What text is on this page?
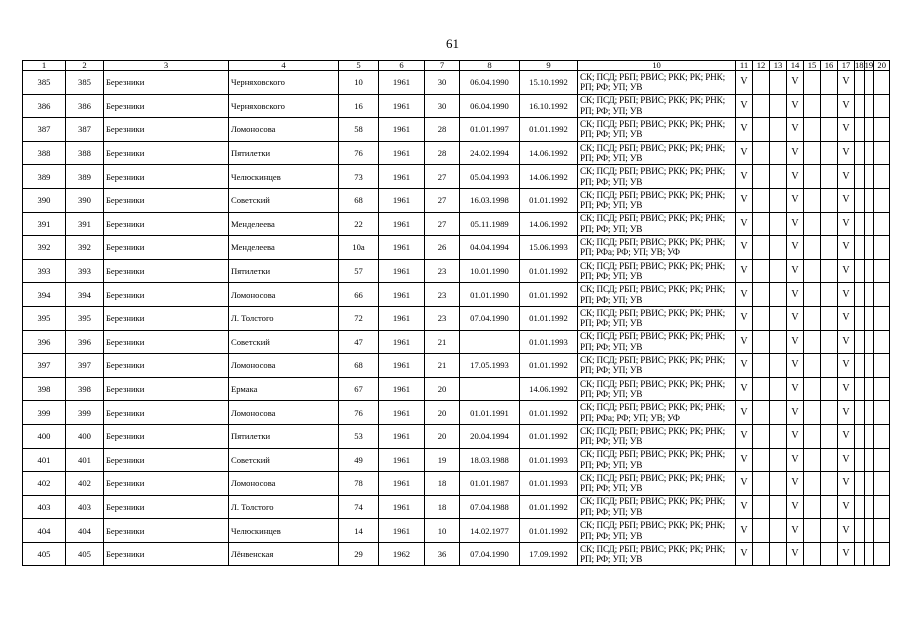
61
1	2	3	4	5	6	7	8	9	10	11	12	13	14	15	16	17	18	19	20
385	385	Березники	Черняховского	10	1961	30	06.04.1990	15.10.1992	СК; ПСД; РБП; РВИС; РКК; РК; РНК; РП; РФ; УП; УВ	V			V			V			
386	386	Березники	Черняховского	16	1961	30	06.04.1990	16.10.1992	СК; ПСД; РБП; РВИС; РКК; РК; РНК; РП; РФ; УП; УВ	V			V			V			
387	387	Березники	Ломоносова	58	1961	28	01.01.1997	01.01.1992	СК; ПСД; РБП; РВИС; РКК; РК; РНК; РП; РФ; УП; УВ	V			V			V			
388	388	Березники	Пятилетки	76	1961	28	24.02.1994	14.06.1992	СК; ПСД; РБП; РВИС; РКК; РК; РНК; РП; РФ; УП; УВ	V			V			V			
389	389	Березники	Челюскинцев	73	1961	27	05.04.1993	14.06.1992	СК; ПСД; РБП; РВИС; РКК; РК; РНК; РП; РФ; УП; УВ	V			V			V			
390	390	Березники	Советский	68	1961	27	16.03.1998	01.01.1992	СК; ПСД; РБП; РВИС; РКК; РК; РНК; РП; РФ; УП; УВ	V			V			V			
391	391	Березники	Менделеева	22	1961	27	05.11.1989	14.06.1992	СК; ПСД; РБП; РВИС; РКК; РК; РНК; РП; РФ; УП; УВ	V			V			V			
392	392	Березники	Менделеева	10а	1961	26	04.04.1994	15.06.1993	СК; ПСД; РБП; РВИС; РКК; РК; РНК; РП; РФа; РФ; УП; УВ; УФ	V			V			V			
393	393	Березники	Пятилетки	57	1961	23	10.01.1990	01.01.1992	СК; ПСД; РБП; РВИС; РКК; РК; РНК; РП; РФ; УП; УВ	V			V			V			
394	394	Березники	Ломоносова	66	1961	23	01.01.1990	01.01.1992	СК; ПСД; РБП; РВИС; РКК; РК; РНК; РП; РФ; УП; УВ	V			V			V			
395	395	Березники	Л. Толстого	72	1961	23	07.04.1990	01.01.1992	СК; ПСД; РБП; РВИС; РКК; РК; РНК; РП; РФ; УП; УВ	V			V			V			
396	396	Березники	Советский	47	1961	21		01.01.1993	СК; ПСД; РБП; РВИС; РКК; РК; РНК; РП; РФ; УП; УВ	V			V			V			
397	397	Березники	Ломоносова	68	1961	21	17.05.1993	01.01.1992	СК; ПСД; РБП; РВИС; РКК; РК; РНК; РП; РФ; УП; УВ	V			V			V			
398	398	Березники	Ермака	67	1961	20		14.06.1992	СК; ПСД; РБП; РВИС; РКК; РК; РНК; РП; РФ; УП; УВ	V			V			V			
399	399	Березники	Ломоносова	76	1961	20	01.01.1991	01.01.1992	СК; ПСД; РБП; РВИС; РКК; РК; РНК; РП; РФа; РФ; УП; УВ; УФ	V			V			V			
400	400	Березники	Пятилетки	53	1961	20	20.04.1994	01.01.1992	СК; ПСД; РБП; РВИС; РКК; РК; РНК; РП; РФ; УП; УВ	V			V			V			
401	401	Березники	Советский	49	1961	19	18.03.1988	01.01.1993	СК; ПСД; РБП; РВИС; РКК; РК; РНК; РП; РФ; УП; УВ	V			V			V			
402	402	Березники	Ломоносова	78	1961	18	01.01.1987	01.01.1993	СК; ПСД; РБП; РВИС; РКК; РК; РНК; РП; РФ; УП; УВ	V			V			V			
403	403	Березники	Л. Толстого	74	1961	18	07.04.1988	01.01.1992	СК; ПСД; РБП; РВИС; РКК; РК; РНК; РП; РФ; УП; УВ	V			V			V			
404	404	Березники	Челюскинцев	14	1961	10	14.02.1977	01.01.1992	СК; ПСД; РБП; РВИС; РКК; РК; РНК; РП; РФ; УП; УВ	V			V			V			
405	405	Березники	Лёнвенская	29	1962	36	07.04.1990	17.09.1992	СК; ПСД; РБП; РВИС; РКК; РК; РНК; РП; РФ; УП; УВ	V			V			V			
